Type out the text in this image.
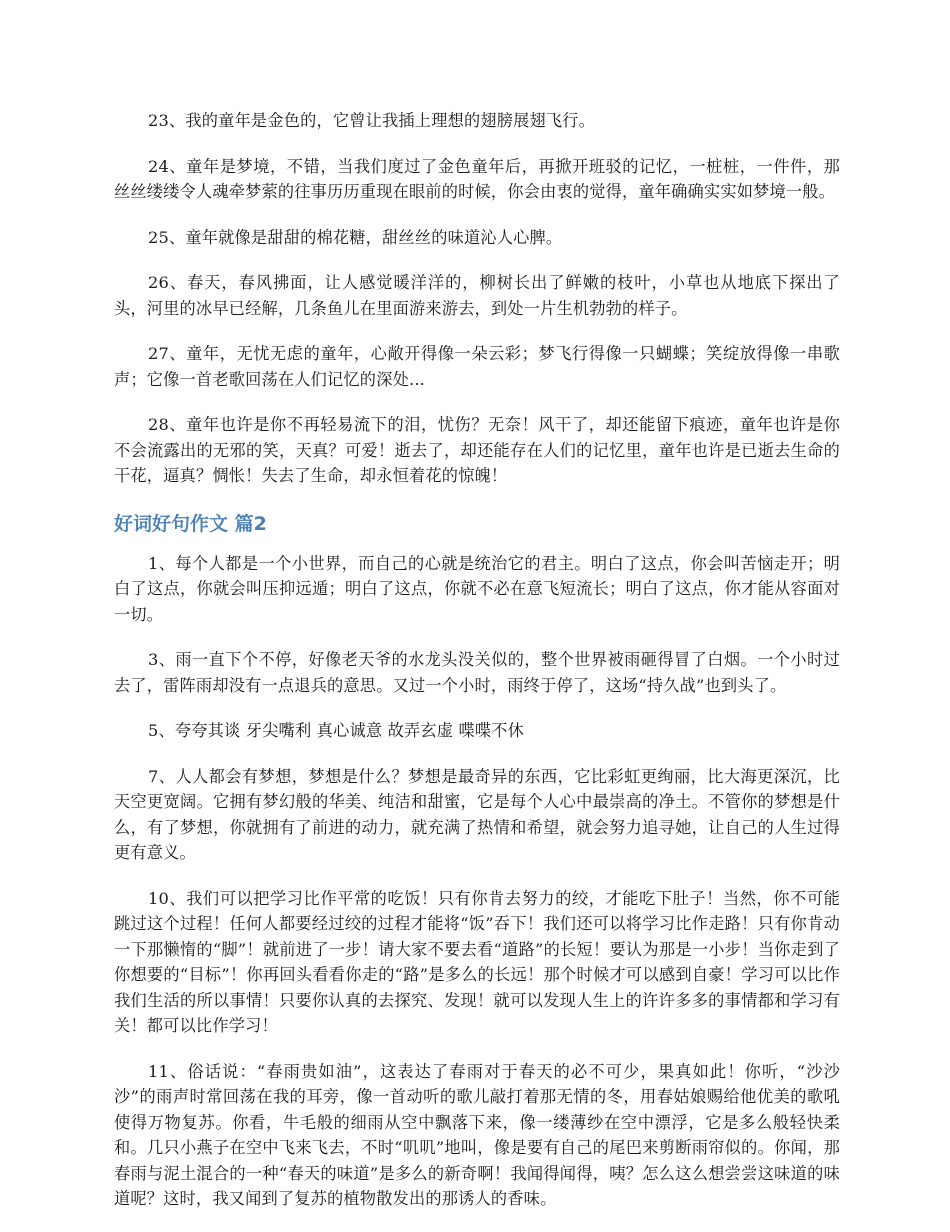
23、我的童年是金色的，它曾让我插上理想的翅膀展翅飞行。

24、童年是梦境，不错，当我们度过了金色童年后，再掀开班驳的记忆，一桩桩，一件件，那丝丝缕缕令人魂牵梦萦的往事历历重现在眼前的时候，你会由衷的觉得，童年确确实实如梦境一般。

25、童年就像是甜甜的棉花糖，甜丝丝的味道沁人心脾。

26、春天，春风拂面，让人感觉暖洋洋的，柳树长出了鲜嫩的枝叶，小草也从地底下探出了头，河里的冰早已经解，几条鱼儿在里面游来游去，到处一片生机勃勃的样子。

27、童年，无忧无虑的童年，心敞开得像一朵云彩；梦飞行得像一只蝴蝶；笑绽放得像一串歌声；它像一首老歌回荡在人们记忆的深处...

28、童年也许是你不再轻易流下的泪，忧伤？无奈！风干了，却还能留下痕迹，童年也许是你不会流露出的无邪的笑，天真？可爱！逝去了，却还能存在人们的记忆里，童年也许是已逝去生命的干花，逼真？惆怅！失去了生命，却永恒着花的惊魄！

好词好句作文 篇2

1、每个人都是一个小世界，而自己的心就是统治它的君主。明白了这点，你会叫苦恼走开；明白了这点，你就会叫压抑远遁；明白了这点，你就不必在意飞短流长；明白了这点，你才能从容面对一切。

3、雨一直下个不停，好像老天爷的水龙头没关似的，整个世界被雨砸得冒了白烟。一个小时过去了，雷阵雨却没有一点退兵的意思。又过一个小时，雨终于停了，这场“持久战”也到头了。

5、夸夸其谈 牙尖嘴利 真心诚意 故弄玄虚 喋喋不休

7、人人都会有梦想，梦想是什么？梦想是最奇异的东西，它比彩虹更绚丽，比大海更深沉，比天空更宽阔。它拥有梦幻般的华美、纯洁和甜蜜，它是每个人心中最崇高的净土。不管你的梦想是什么，有了梦想，你就拥有了前进的动力，就充满了热情和希望，就会努力追寻她，让自己的人生过得更有意义。

10、我们可以把学习比作平常的吃饭！只有你肯去努力的绞，才能吃下肚子！当然，你不可能跳过这个过程！任何人都要经过绞的过程才能将“饭”吞下！我们还可以将学习比作走路！只有你肯动一下那懒惰的“脚”！就前进了一步！请大家不要去看“道路”的长短！要认为那是一小步！当你走到了你想要的“目标”！你再回头看看你走的“路”是多么的长远！那个时候才可以感到自豪！学习可以比作我们生活的所以事情！只要你认真的去探究、发现！就可以发现人生上的许许多多的事情都和学习有关！都可以比作学习！

11、俗话说：“春雨贵如油”，这表达了春雨对于春天的必不可少，果真如此！你听，“沙沙沙”的雨声时常回荡在我的耳旁，像一首动听的歌儿敲打着那无情的冬，用春姑娘赐给他优美的歌吼使得万物复苏。你看，牛毛般的细雨从空中飘落下来，像一缕薄纱在空中漂浮，它是多么般轻快柔和。几只小燕子在空中飞来飞去，不时“叽叽”地叫，像是要有自己的尾巴来剪断雨帘似的。你闻，那春雨与泥土混合的一种“春天的味道”是多么的新奇啊！我闻得闻得，咦？怎么这么想尝尝这味道的味道呢？这时，我又闻到了复苏的植物散发出的那诱人的香味。
